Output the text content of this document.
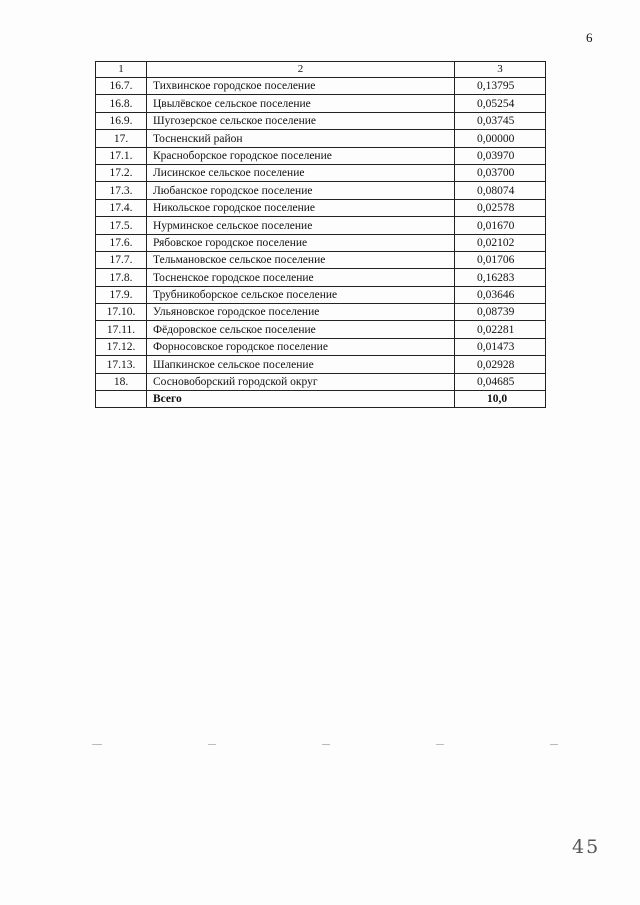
6
1	2	3
16.7.	Тихвинское городское поселение	0,13795
16.8.	Цвылёвское сельское поселение	0,05254
16.9.	Шугозерское сельское поселение	0,03745
17.	Тосненский район	0,00000
17.1.	Красноборское городское поселение	0,03970
17.2.	Лисинское сельское поселение	0,03700
17.3.	Любанское городское поселение	0,08074
17.4.	Никольское городское поселение	0,02578
17.5.	Нурминское сельское поселение	0,01670
17.6.	Рябовское городское поселение	0,02102
17.7.	Тельмановское сельское поселение	0,01706
17.8.	Тосненское городское поселение	0,16283
17.9.	Трубникоборское сельское поселение	0,03646
17.10.	Ульяновское городское поселение	0,08739
17.11.	Фёдоровское сельское поселение	0,02281
17.12.	Форносовское городское поселение	0,01473
17.13.	Шапкинское сельское поселение	0,02928
18.	Сосновоборский городской округ	0,04685
	Всего	10,0
45
